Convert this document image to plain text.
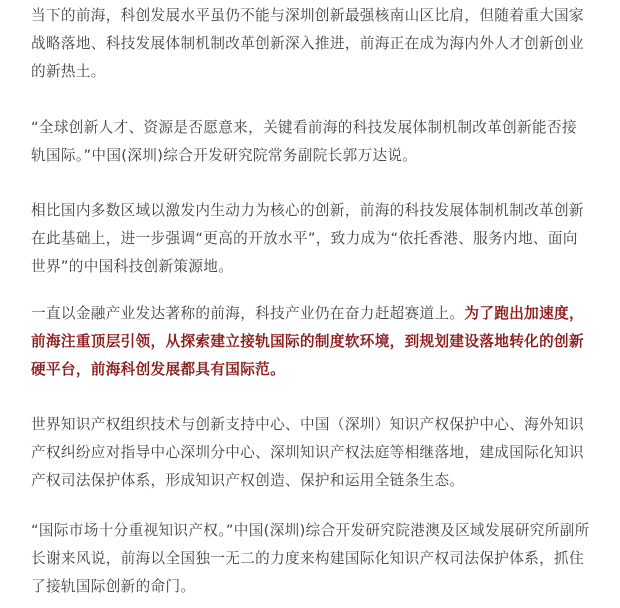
当下的前海，科创发展水平虽仍不能与深圳创新最强核南山区比肩，但随着重大国家战略落地、科技发展体制机制改革创新深入推进，前海正在成为海内外人才创新创业的新热土。

“全球创新人才、资源是否愿意来，关键看前海的科技发展体制机制改革创新能否接轨国际。”中国(深圳)综合开发研究院常务副院长郭万达说。

相比国内多数区域以激发内生动力为核心的创新，前海的科技发展体制机制改革创新在此基础上，进一步强调“更高的开放水平”，致力成为“依托香港、服务内地、面向世界”的中国科技创新策源地。

一直以金融产业发达著称的前海，科技产业仍在奋力赶超赛道上。为了跑出加速度，前海注重顶层引领，从探索建立接轨国际的制度软环境，到规划建设落地转化的创新硬平台，前海科创发展都具有国际范。

世界知识产权组织技术与创新支持中心、中国（深圳）知识产权保护中心、海外知识产权纠纷应对指导中心深圳分中心、深圳知识产权法庭等相继落地，建成国际化知识产权司法保护体系，形成知识产权创造、保护和运用全链条生态。

“国际市场十分重视知识产权。”中国(深圳)综合开发研究院港澳及区域发展研究所副所长谢来风说，前海以全国独一无二的力度来构建国际化知识产权司法保护体系，抓住了接轨国际创新的命门。
